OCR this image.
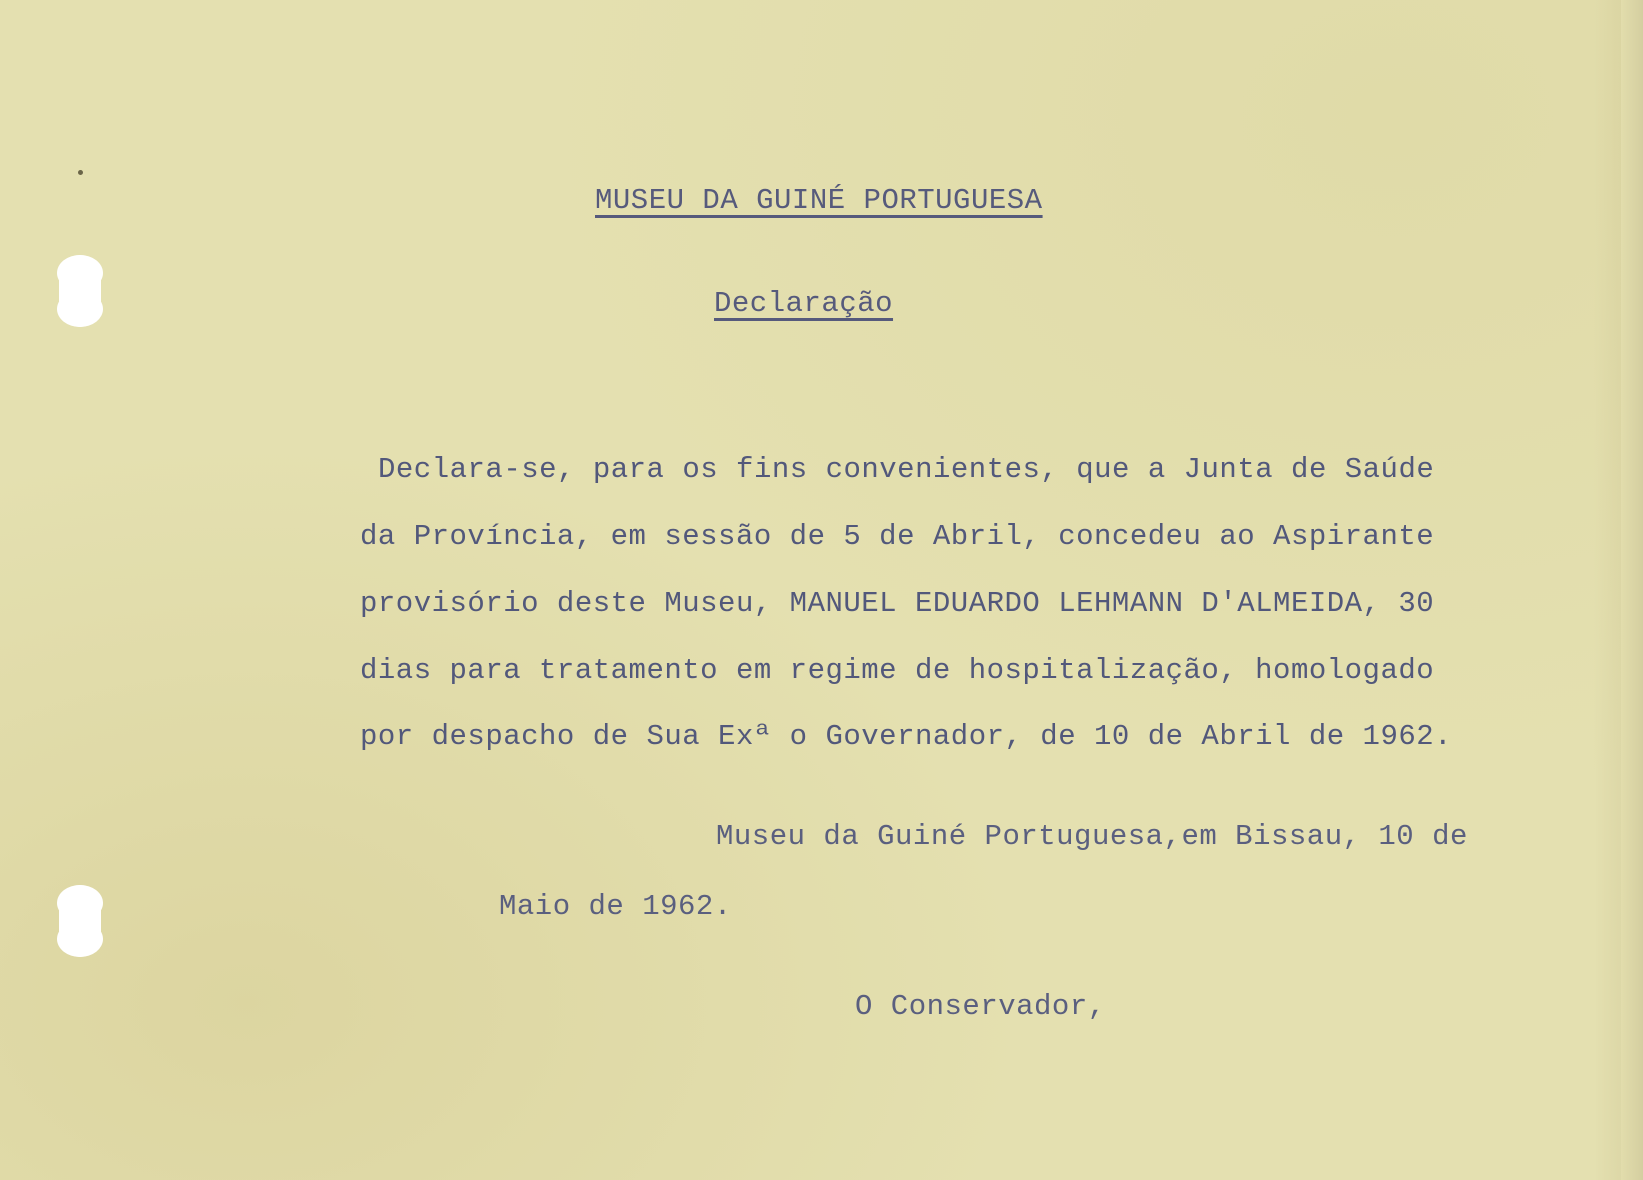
MUSEU DA GUINÉ PORTUGUESA
Declaração
Declara-se, para os fins convenientes, que a Junta de Saúde
da Província, em sessão de 5 de Abril, concedeu ao Aspirante
provisório deste Museu, MANUEL EDUARDO LEHMANN D'ALMEIDA, 30
dias para tratamento em regime de hospitalização, homologado
por despacho de Sua Exª o Governador, de 10 de Abril de 1962.
Museu da Guiné Portuguesa,em Bissau, 10 de
Maio de 1962.
O Conservador,
